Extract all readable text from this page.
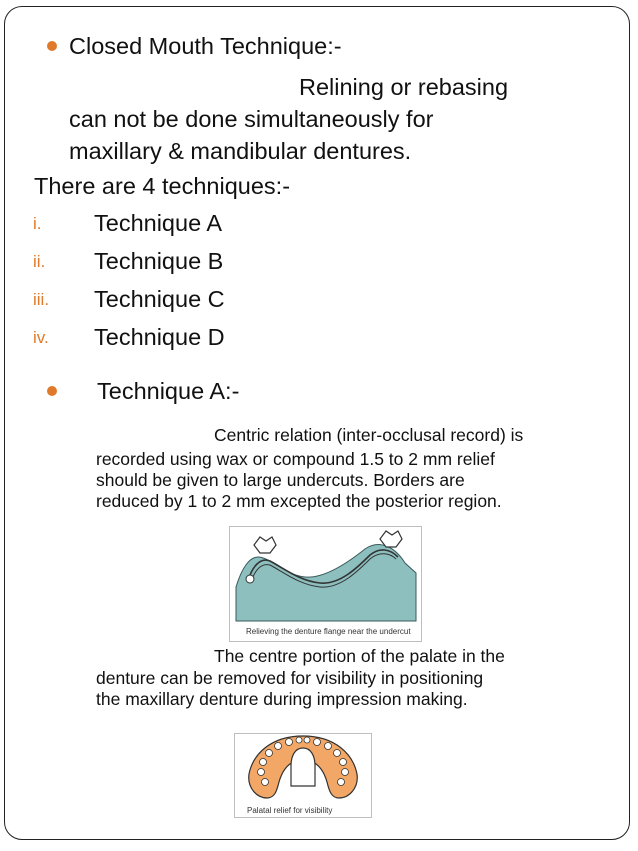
Closed Mouth Technique:-
Relining or rebasing
can not be done simultaneously for
maxillary & mandibular dentures.
There are 4 techniques:-
i. Technique A
ii. Technique B
iii. Technique C
iv. Technique D
Technique A:-
Centric relation (inter-occlusal record) is
recorded using wax or compound 1.5 to 2 mm relief
should be given to large undercuts. Borders are
reduced by 1 to 2 mm excepted the posterior region.
Relieving the denture flange near the undercut
The centre portion of the palate in the
denture can be removed for visibility in positioning
the maxillary denture during impression making.
Palatal relief for visibility
